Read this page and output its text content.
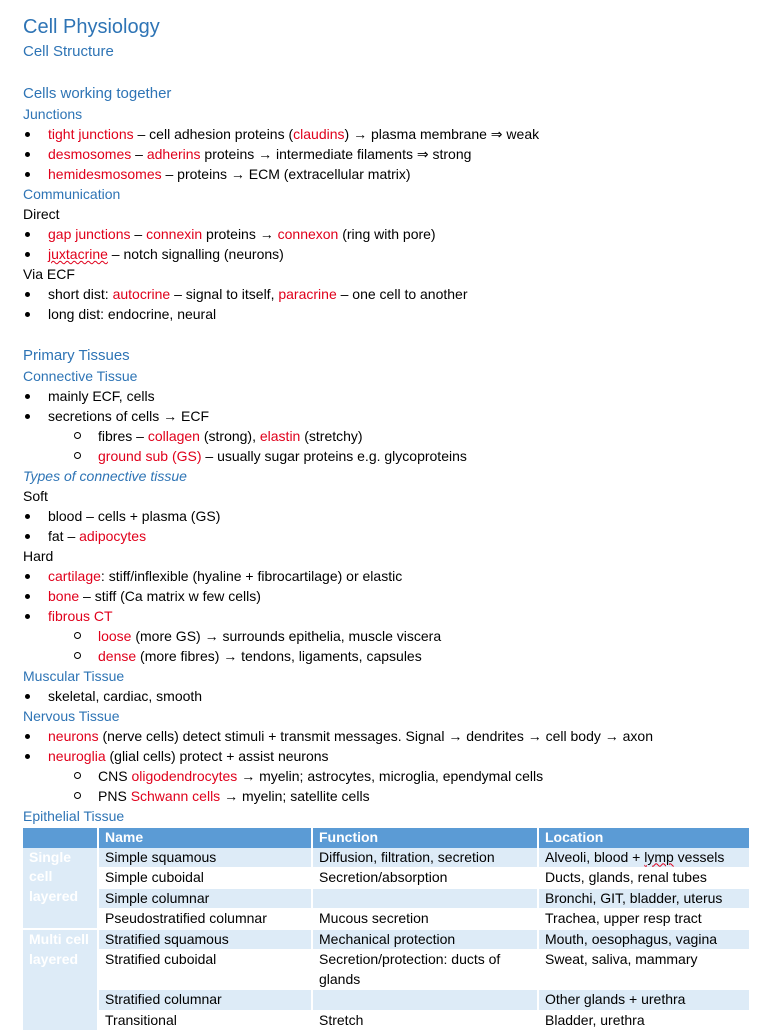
Cell Physiology
Cell Structure
Cells working together
Junctions
tight junctions – cell adhesion proteins (claudins) → plasma membrane ⇒ weak
desmosomes – adherins proteins → intermediate filaments ⇒ strong
hemidesmosomes – proteins → ECM (extracellular matrix)
Communication
Direct
gap junctions – connexin proteins → connexon (ring with pore)
juxtacrine – notch signalling (neurons)
Via ECF
short dist: autocrine – signal to itself, paracrine – one cell to another
long dist: endocrine, neural
Primary Tissues
Connective Tissue
mainly ECF, cells
secretions of cells → ECF
fibres – collagen (strong), elastin (stretchy)
ground sub (GS) – usually sugar proteins e.g. glycoproteins
Types of connective tissue
Soft
blood – cells + plasma (GS)
fat – adipocytes
Hard
cartilage: stiff/inflexible (hyaline + fibrocartilage) or elastic
bone – stiff (Ca matrix w few cells)
fibrous CT
loose (more GS) → surrounds epithelia, muscle viscera
dense (more fibres) → tendons, ligaments, capsules
Muscular Tissue
skeletal, cardiac, smooth
Nervous Tissue
neurons (nerve cells) detect stimuli + transmit messages. Signal → dendrites → cell body → axon
neuroglia (glial cells) protect + assist neurons
CNS oligodendrocytes → myelin; astrocytes, microglia, ependymal cells
PNS Schwann cells → myelin; satellite cells
Epithelial Tissue
	Name	Function	Location
Single cell layered	Simple squamous	Diffusion, filtration, secretion	Alveoli, blood + lymp vessels
	Simple cuboidal	Secretion/absorption	Ducts, glands, renal tubes
	Simple columnar		Bronchi, GIT, bladder, uterus
	Pseudostratified columnar	Mucous secretion	Trachea, upper resp tract
Multi cell layered	Stratified squamous	Mechanical protection	Mouth, oesophagus, vagina
	Stratified cuboidal	Secretion/protection: ducts of glands	Sweat, saliva, mammary
	Stratified columnar		Other glands + urethra
	Transitional	Stretch	Bladder, urethra
